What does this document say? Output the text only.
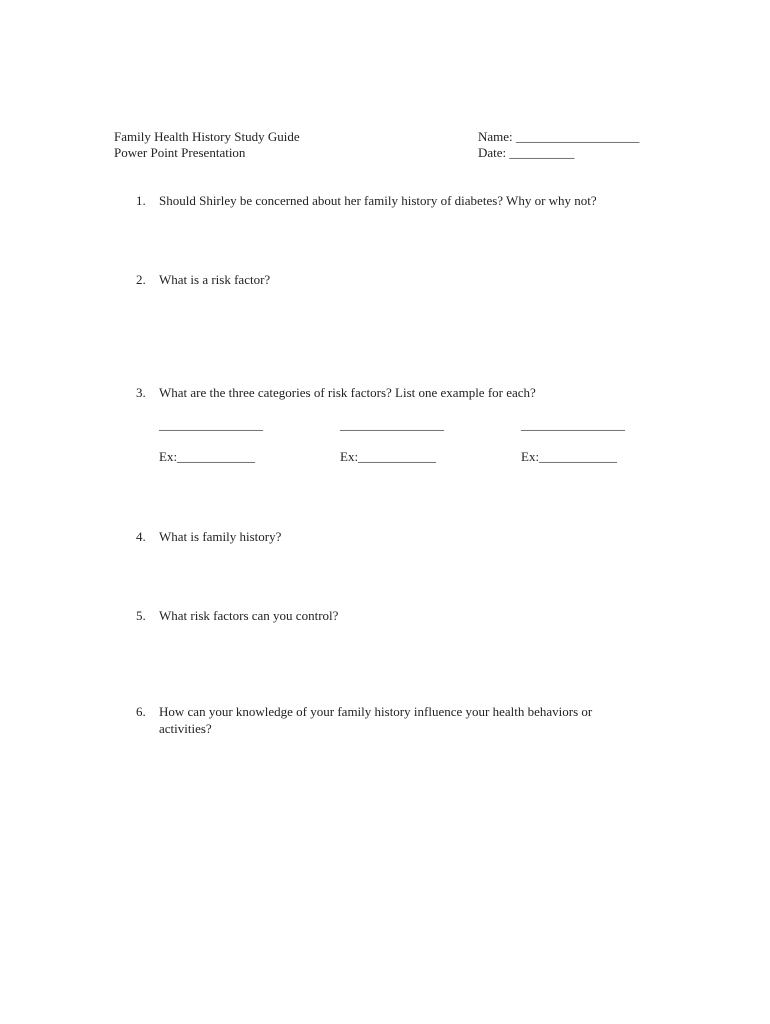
Family Health History Study Guide
Power Point Presentation
Name: ___________________
Date: __________
1.	Should Shirley be concerned about her family history of diabetes? Why or why not?
2.	What is a risk factor?
3.	What are the three categories of risk factors? List one example for each?
________________	________________	________________
Ex:____________	Ex:____________	Ex:____________
4.	What is family history?
5.	What risk factors can you control?
6.	How can your knowledge of your family history influence your health behaviors or
activities?
